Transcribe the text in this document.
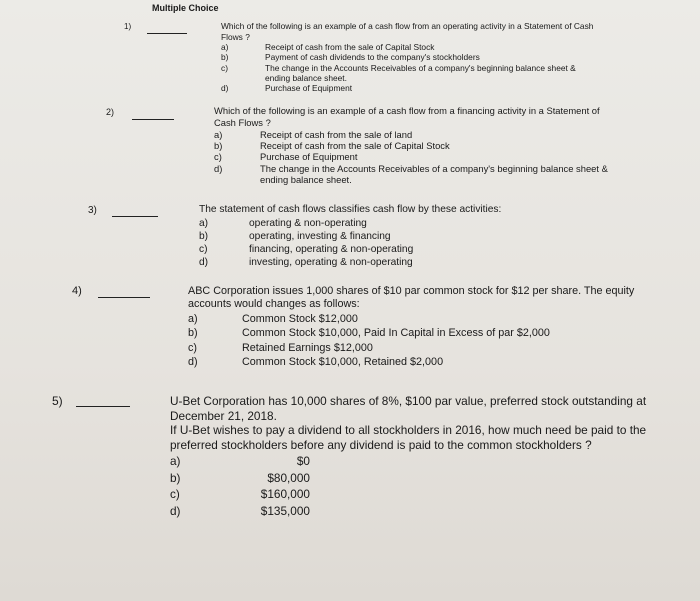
Multiple Choice
1)	Which of the following is an example of a cash flow from an operating activity in a Statement of Cash Flows ?
a)	Receipt of cash from the sale of Capital Stock
b)	Payment of cash dividends to the company's stockholders
c)	The change in the Accounts Receivables of a company's beginning balance sheet & ending balance sheet.
d)	Purchase of Equipment
2)	Which of the following is an example of a cash flow from a financing activity in a Statement of Cash Flows ?
a)	Receipt of cash from the sale of land
b)	Receipt of cash from the sale of Capital Stock
c)	Purchase of Equipment
d)	The change in the Accounts Receivables of a company's beginning balance sheet & ending balance sheet.
3)	The statement of cash flows classifies cash flow by these activities:
a)	operating & non-operating
b)	operating, investing & financing
c)	financing, operating & non-operating
d)	investing, operating & non-operating
4)	ABC Corporation issues 1,000 shares of $10 par common stock for $12 per share. The equity accounts would changes as follows:
a)	Common Stock $12,000
b)	Common Stock $10,000, Paid In Capital in Excess of par $2,000
c)	Retained Earnings $12,000
d)	Common Stock $10,000, Retained $2,000
5)	U-Bet Corporation has 10,000 shares of 8%, $100 par value, preferred stock outstanding at December 21, 2018.
If U-Bet wishes to pay a dividend to all stockholders in 2016, how much need be paid to the preferred stockholders before any dividend is paid to the common stockholders ?
a)	$0
b)	$80,000
c)	$160,000
d)	$135,000
